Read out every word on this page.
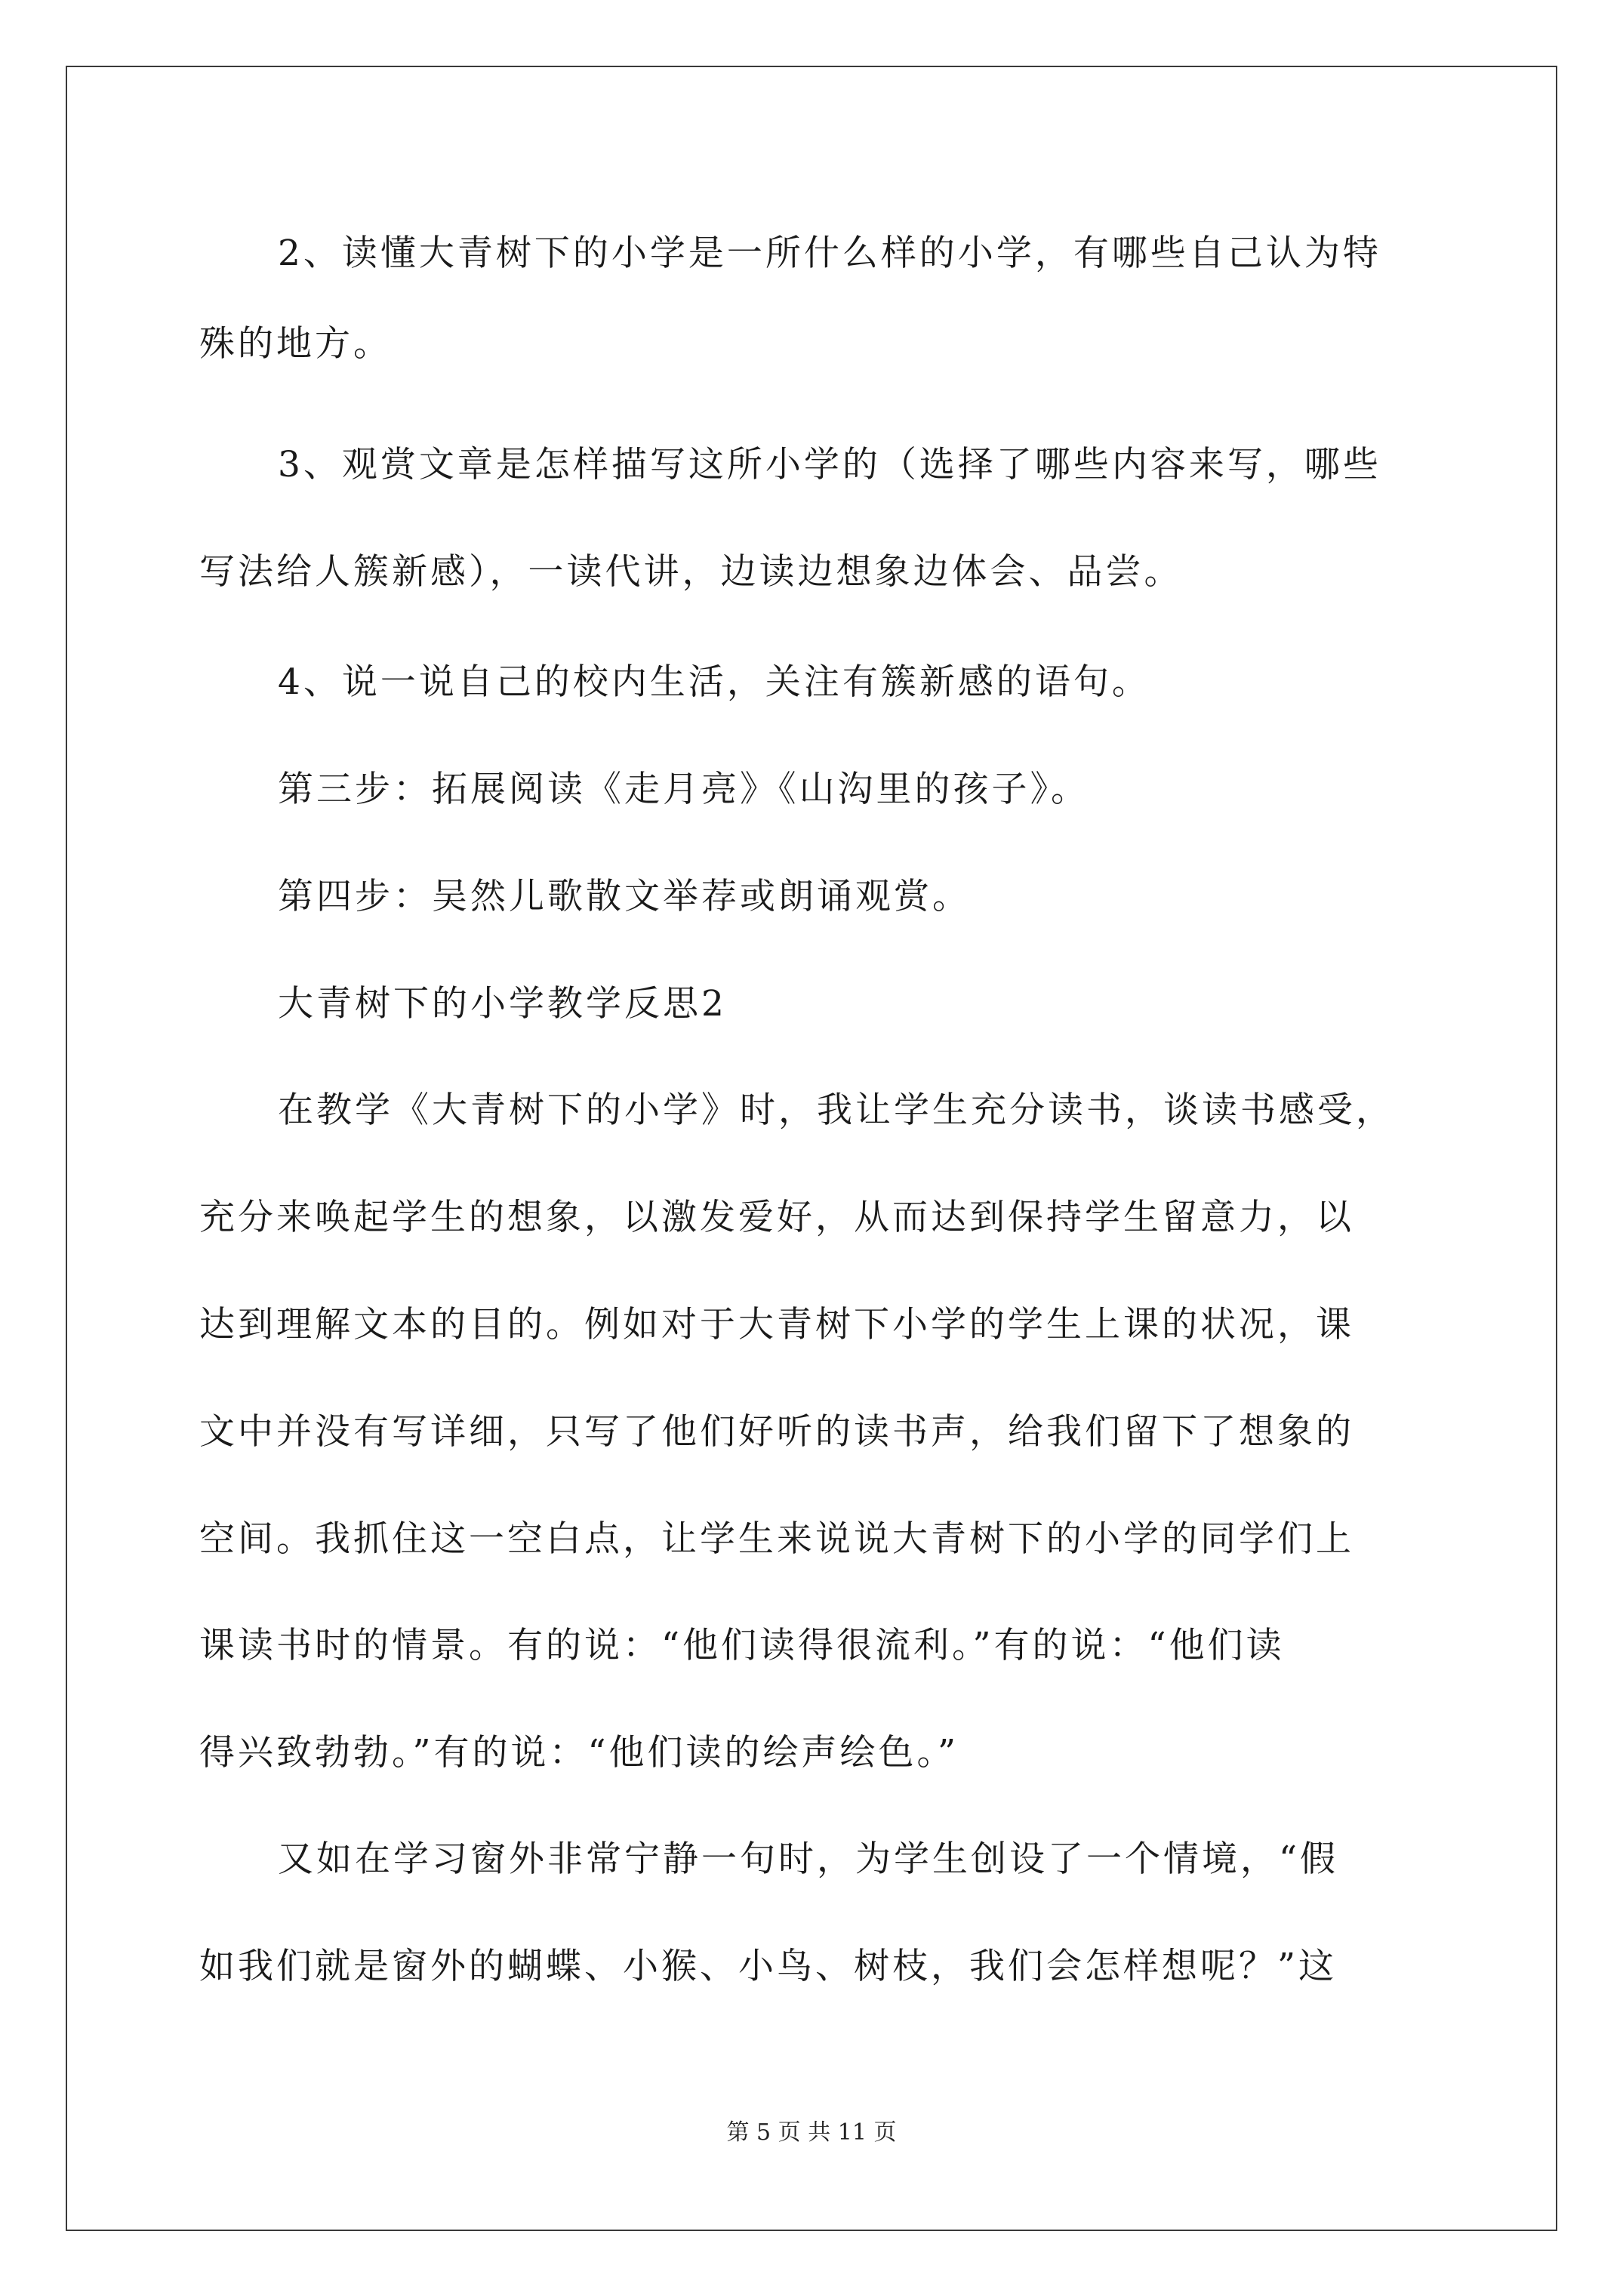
2、读懂大青树下的小学是一所什么样的小学，有哪些自己认为特
殊的地方。
3、观赏文章是怎样描写这所小学的（选择了哪些内容来写，哪些
写法给人簇新感），一读代讲，边读边想象边体会、品尝。
4、说一说自己的校内生活，关注有簇新感的语句。
第三步：拓展阅读《走月亮》《山沟里的孩子》。
第四步：吴然儿歌散文举荐或朗诵观赏。
大青树下的小学教学反思2
在教学《大青树下的小学》时，我让学生充分读书，谈读书感受，
充分来唤起学生的想象，以激发爱好，从而达到保持学生留意力，以
达到理解文本的目的。例如对于大青树下小学的学生上课的状况，课
文中并没有写详细，只写了他们好听的读书声，给我们留下了想象的
空间。我抓住这一空白点，让学生来说说大青树下的小学的同学们上
课读书时的情景。有的说：“他们读得很流利。”有的说：“他们读
得兴致勃勃。”有的说：“他们读的绘声绘色。”
又如在学习窗外非常宁静一句时，为学生创设了一个情境，“假
如我们就是窗外的蝴蝶、小猴、小鸟、树枝，我们会怎样想呢？”这
第 5 页 共 11 页
